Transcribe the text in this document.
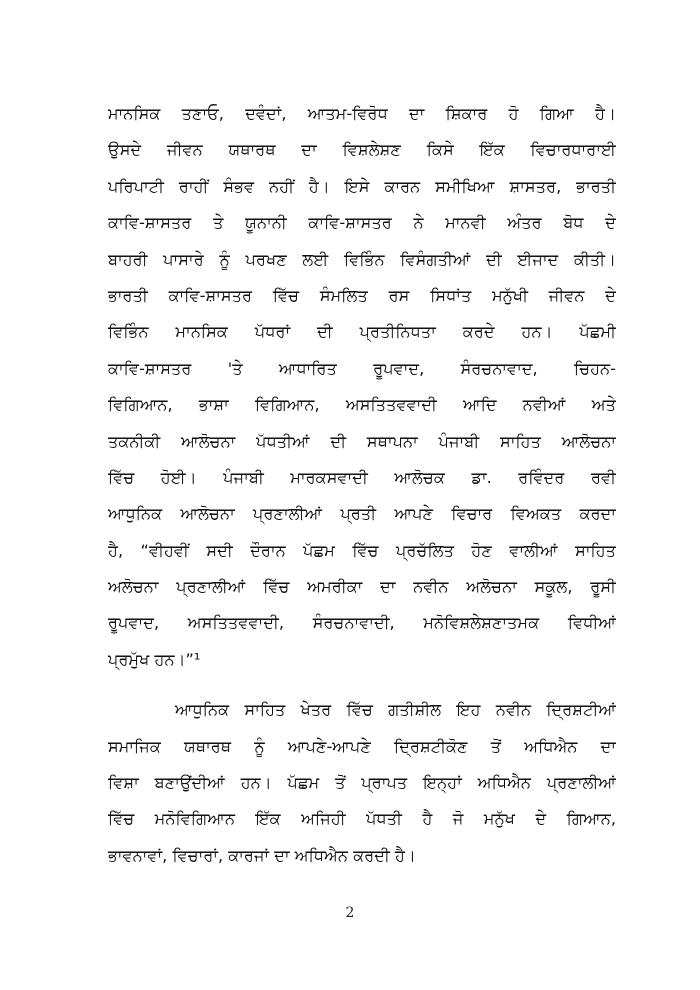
ਮਾਨਸਿਕ ਤਣਾਓ, ਦਵੰਦਾਂ, ਆਤਮ-ਵਿਰੋਧ ਦਾ ਸ਼ਿਕਾਰ ਹੋ ਗਿਆ ਹੈ।
ਉਸਦੇ ਜੀਵਨ ਯਥਾਰਥ ਦਾ ਵਿਸ਼ਲੇਸ਼ਣ ਕਿਸੇ ਇੱਕ ਵਿਚਾਰਧਾਰਾਈ
ਪਰਿਪਾਟੀ ਰਾਹੀਂ ਸੰਭਵ ਨਹੀਂ ਹੈ। ਇਸੇ ਕਾਰਨ ਸਮੀਖਿਆ ਸ਼ਾਸਤਰ, ਭਾਰਤੀ
ਕਾਵਿ-ਸ਼ਾਸਤਰ ਤੇ ਯੂਨਾਨੀ ਕਾਵਿ-ਸ਼ਾਸਤਰ ਨੇ ਮਾਨਵੀ ਅੰਤਰ ਬੋਧ ਦੇ
ਬਾਹਰੀ ਪਾਸਾਰੇ ਨੂੰ ਪਰਖਣ ਲਈ ਵਿਭਿੰਨ ਵਿਸੰਗਤੀਆਂ ਦੀ ਈਜਾਦ ਕੀਤੀ।
ਭਾਰਤੀ ਕਾਵਿ-ਸ਼ਾਸਤਰ ਵਿੱਚ ਸੰਮਲਿਤ ਰਸ ਸਿਧਾਂਤ ਮਨੁੱਖੀ ਜੀਵਨ ਦੇ
ਵਿਭਿੰਨ ਮਾਨਸਿਕ ਪੱਧਰਾਂ ਦੀ ਪ੍ਰਤੀਨਿਧਤਾ ਕਰਦੇ ਹਨ। ਪੱਛਮੀ
ਕਾਵਿ-ਸ਼ਾਸਤਰ 'ਤੇ ਆਧਾਰਿਤ ਰੂਪਵਾਦ, ਸੰਰਚਨਾਵਾਦ, ਚਿਹਨ-
ਵਿਗਿਆਨ, ਭਾਸ਼ਾ ਵਿਗਿਆਨ, ਅਸਤਿਤਵਵਾਦੀ ਆਦਿ ਨਵੀਆਂ ਅਤੇ
ਤਕਨੀਕੀ ਆਲੋਚਨਾ ਪੱਧਤੀਆਂ ਦੀ ਸਥਾਪਨਾ ਪੰਜਾਬੀ ਸਾਹਿਤ ਆਲੋਚਨਾ
ਵਿੱਚ ਹੋਈ। ਪੰਜਾਬੀ ਮਾਰਕਸਵਾਦੀ ਆਲੋਚਕ ਡਾ. ਰਵਿੰਦਰ ਰਵੀ
ਆਧੁਨਿਕ ਆਲੋਚਨਾ ਪ੍ਰਣਾਲੀਆਂ ਪ੍ਰਤੀ ਆਪਣੇ ਵਿਚਾਰ ਵਿਅਕਤ ਕਰਦਾ
ਹੈ, “ਵੀਹਵੀਂ ਸਦੀ ਦੌਰਾਨ ਪੱਛਮ ਵਿੱਚ ਪ੍ਰਚੱਲਿਤ ਹੋਣ ਵਾਲੀਆਂ ਸਾਹਿਤ
ਅਲੋਚਨਾ ਪ੍ਰਣਾਲੀਆਂ ਵਿੱਚ ਅਮਰੀਕਾ ਦਾ ਨਵੀਨ ਅਲੋਚਨਾ ਸਕੂਲ, ਰੂਸੀ
ਰੂਪਵਾਦ, ਅਸਤਿਤਵਵਾਦੀ, ਸੰਰਚਨਾਵਾਦੀ, ਮਨੋਵਿਸ਼ਲੇਸ਼ਣਾਤਮਕ ਵਿਧੀਆਂ
ਪ੍ਰਮੁੱਖ ਹਨ।”¹
ਆਧੁਨਿਕ ਸਾਹਿਤ ਖੇਤਰ ਵਿੱਚ ਗਤੀਸ਼ੀਲ ਇਹ ਨਵੀਨ ਦ੍ਰਿਸ਼ਟੀਆਂ
ਸਮਾਜਿਕ ਯਥਾਰਥ ਨੂੰ ਆਪਣੇ-ਆਪਣੇ ਦ੍ਰਿਸ਼ਟੀਕੋਣ ਤੋਂ ਅਧਿਐਨ ਦਾ
ਵਿਸ਼ਾ ਬਣਾਉਂਦੀਆਂ ਹਨ। ਪੱਛਮ ਤੋਂ ਪ੍ਰਾਪਤ ਇਨ੍ਹਾਂ ਅਧਿਐਨ ਪ੍ਰਣਾਲੀਆਂ
ਵਿੱਚ ਮਨੋਵਿਗਿਆਨ ਇੱਕ ਅਜਿਹੀ ਪੱਧਤੀ ਹੈ ਜੋ ਮਨੁੱਖ ਦੇ ਗਿਆਨ,
ਭਾਵਨਾਵਾਂ, ਵਿਚਾਰਾਂ, ਕਾਰਜਾਂ ਦਾ ਅਧਿਐਨ ਕਰਦੀ ਹੈ।
2
